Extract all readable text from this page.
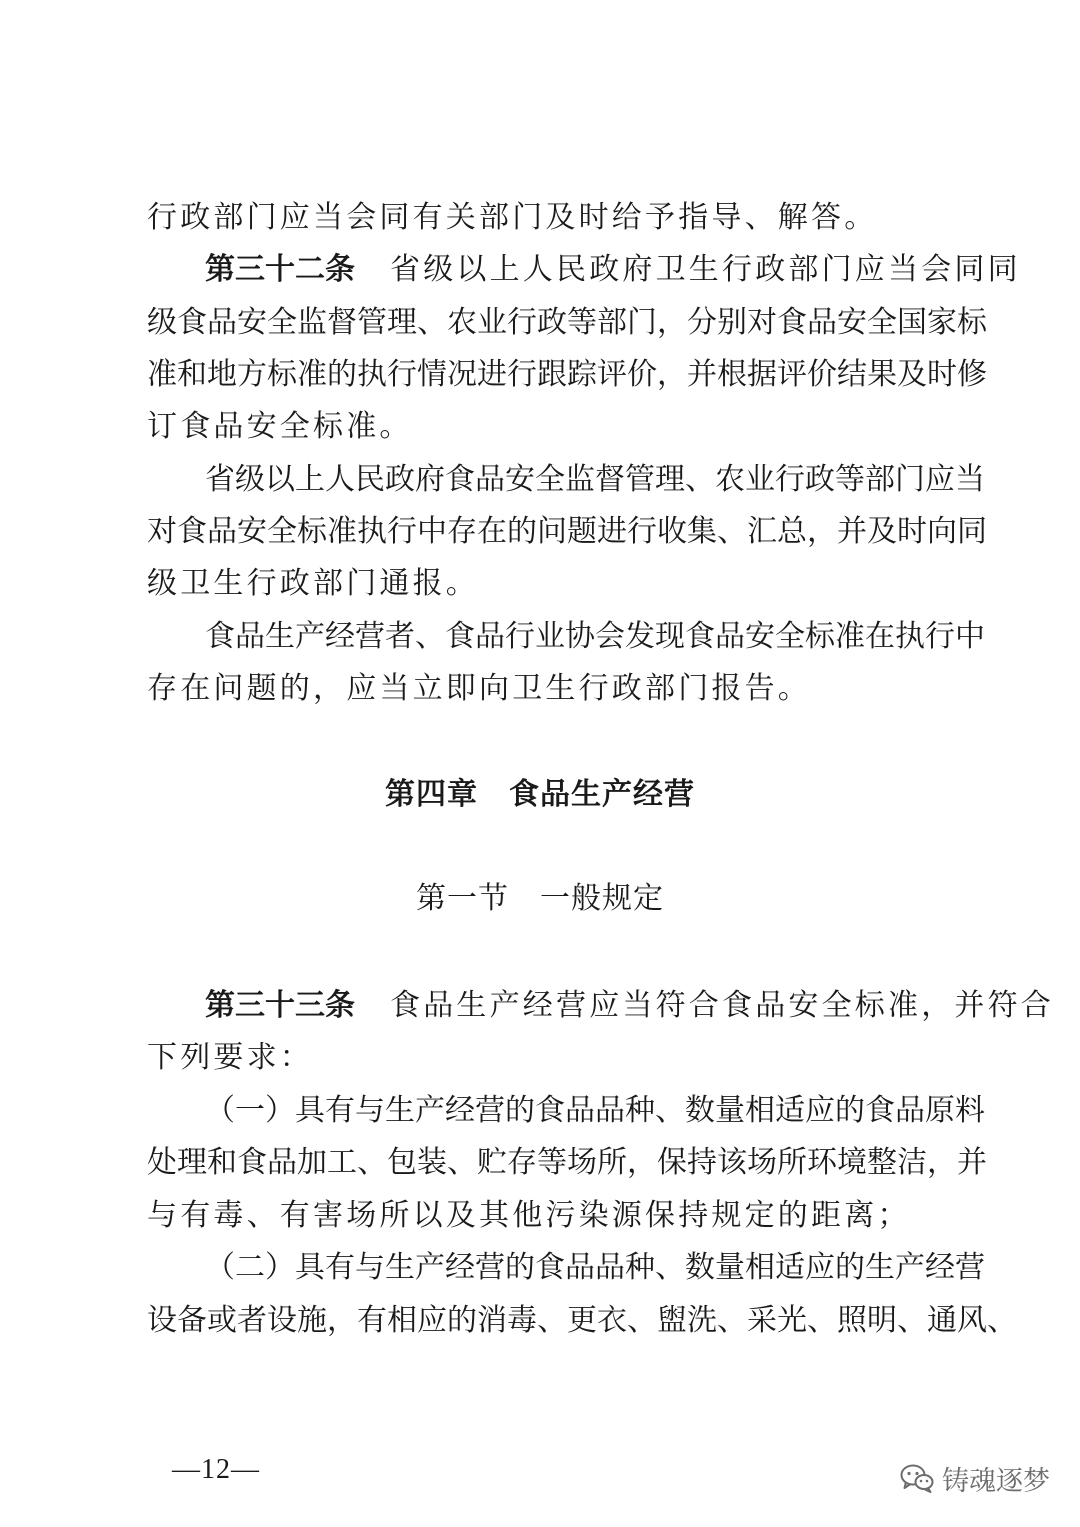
行政部门应当会同有关部门及时给予指导、解答。
第三十二条 省级以上人民政府卫生行政部门应当会同同
级食品安全监督管理、农业行政等部门，分别对食品安全国家标
准和地方标准的执行情况进行跟踪评价，并根据评价结果及时修
订食品安全标准。
省级以上人民政府食品安全监督管理、农业行政等部门应当
对食品安全标准执行中存在的问题进行收集、汇总，并及时向同
级卫生行政部门通报。
食品生产经营者、食品行业协会发现食品安全标准在执行中
存在问题的，应当立即向卫生行政部门报告。
第四章　食品生产经营
第一节　一般规定
第三十三条 食品生产经营应当符合食品安全标准，并符合
下列要求：
（一）具有与生产经营的食品品种、数量相适应的食品原料
处理和食品加工、包装、贮存等场所，保持该场所环境整洁，并
与有毒、有害场所以及其他污染源保持规定的距离；
（二）具有与生产经营的食品品种、数量相适应的生产经营
设备或者设施，有相应的消毒、更衣、盥洗、采光、照明、通风、
—12—	铸魂逐梦
